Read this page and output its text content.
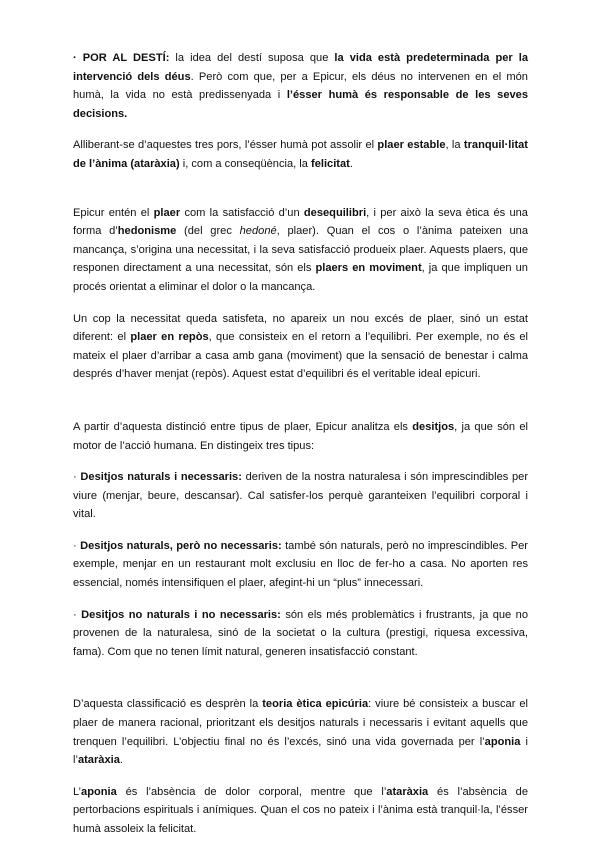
· POR AL DESTÍ: la idea del destí suposa que la vida està predeterminada per la intervenció dels déus. Però com que, per a Epicur, els déus no intervenen en el món humà, la vida no està predissenyada i l’ésser humà és responsable de les seves decisions.

Alliberant-se d’aquestes tres pors, l’ésser humà pot assolir el plaer estable, la tranquil·litat de l’ànima (ataràxia) i, com a conseqüència, la felicitat.

Epicur entén el plaer com la satisfacció d’un desequilibri, i per això la seva ètica és una forma d’hedonisme (del grec hedoné, plaer). Quan el cos o l’ànima pateixen una mancança, s’origina una necessitat, i la seva satisfacció produeix plaer. Aquests plaers, que responen directament a una necessitat, són els plaers en moviment, ja que impliquen un procés orientat a eliminar el dolor o la mancança.

Un cop la necessitat queda satisfeta, no apareix un nou excés de plaer, sinó un estat diferent: el plaer en repòs, que consisteix en el retorn a l’equilibri. Per exemple, no és el mateix el plaer d’arribar a casa amb gana (moviment) que la sensació de benestar i calma després d’haver menjat (repòs). Aquest estat d’equilibri és el veritable ideal epicuri.

A partir d’aquesta distinció entre tipus de plaer, Epicur analitza els desitjos, ja que són el motor de l’acció humana. En distingeix tres tipus:

· Desitjos naturals i necessaris: deriven de la nostra naturalesa i són imprescindibles per viure (menjar, beure, descansar). Cal satisfer-los perquè garanteixen l’equilibri corporal i vital.

· Desitjos naturals, però no necessaris: també són naturals, però no imprescindibles. Per exemple, menjar en un restaurant molt exclusiu en lloc de fer-ho a casa. No aporten res essencial, només intensifiquen el plaer, afegint-hi un “plus” innecessari.

· Desitjos no naturals i no necessaris: són els més problemàtics i frustrants, ja que no provenen de la naturalesa, sinó de la societat o la cultura (prestigi, riquesa excessiva, fama). Com que no tenen límit natural, generen insatisfacció constant.

D’aquesta classificació es desprèn la teoria ètica epicúria: viure bé consisteix a buscar el plaer de manera racional, prioritzant els desitjos naturals i necessaris i evitant aquells que trenquen l’equilibri. L’objectiu final no és l’excés, sinó una vida governada per l’aponia i l’ataràxia.

L’aponia és l’absència de dolor corporal, mentre que l’ataràxia és l’absència de pertorbacions espirituals i anímiques. Quan el cos no pateix i l’ànima està tranquil·la, l’ésser humà assoleix la felicitat.
